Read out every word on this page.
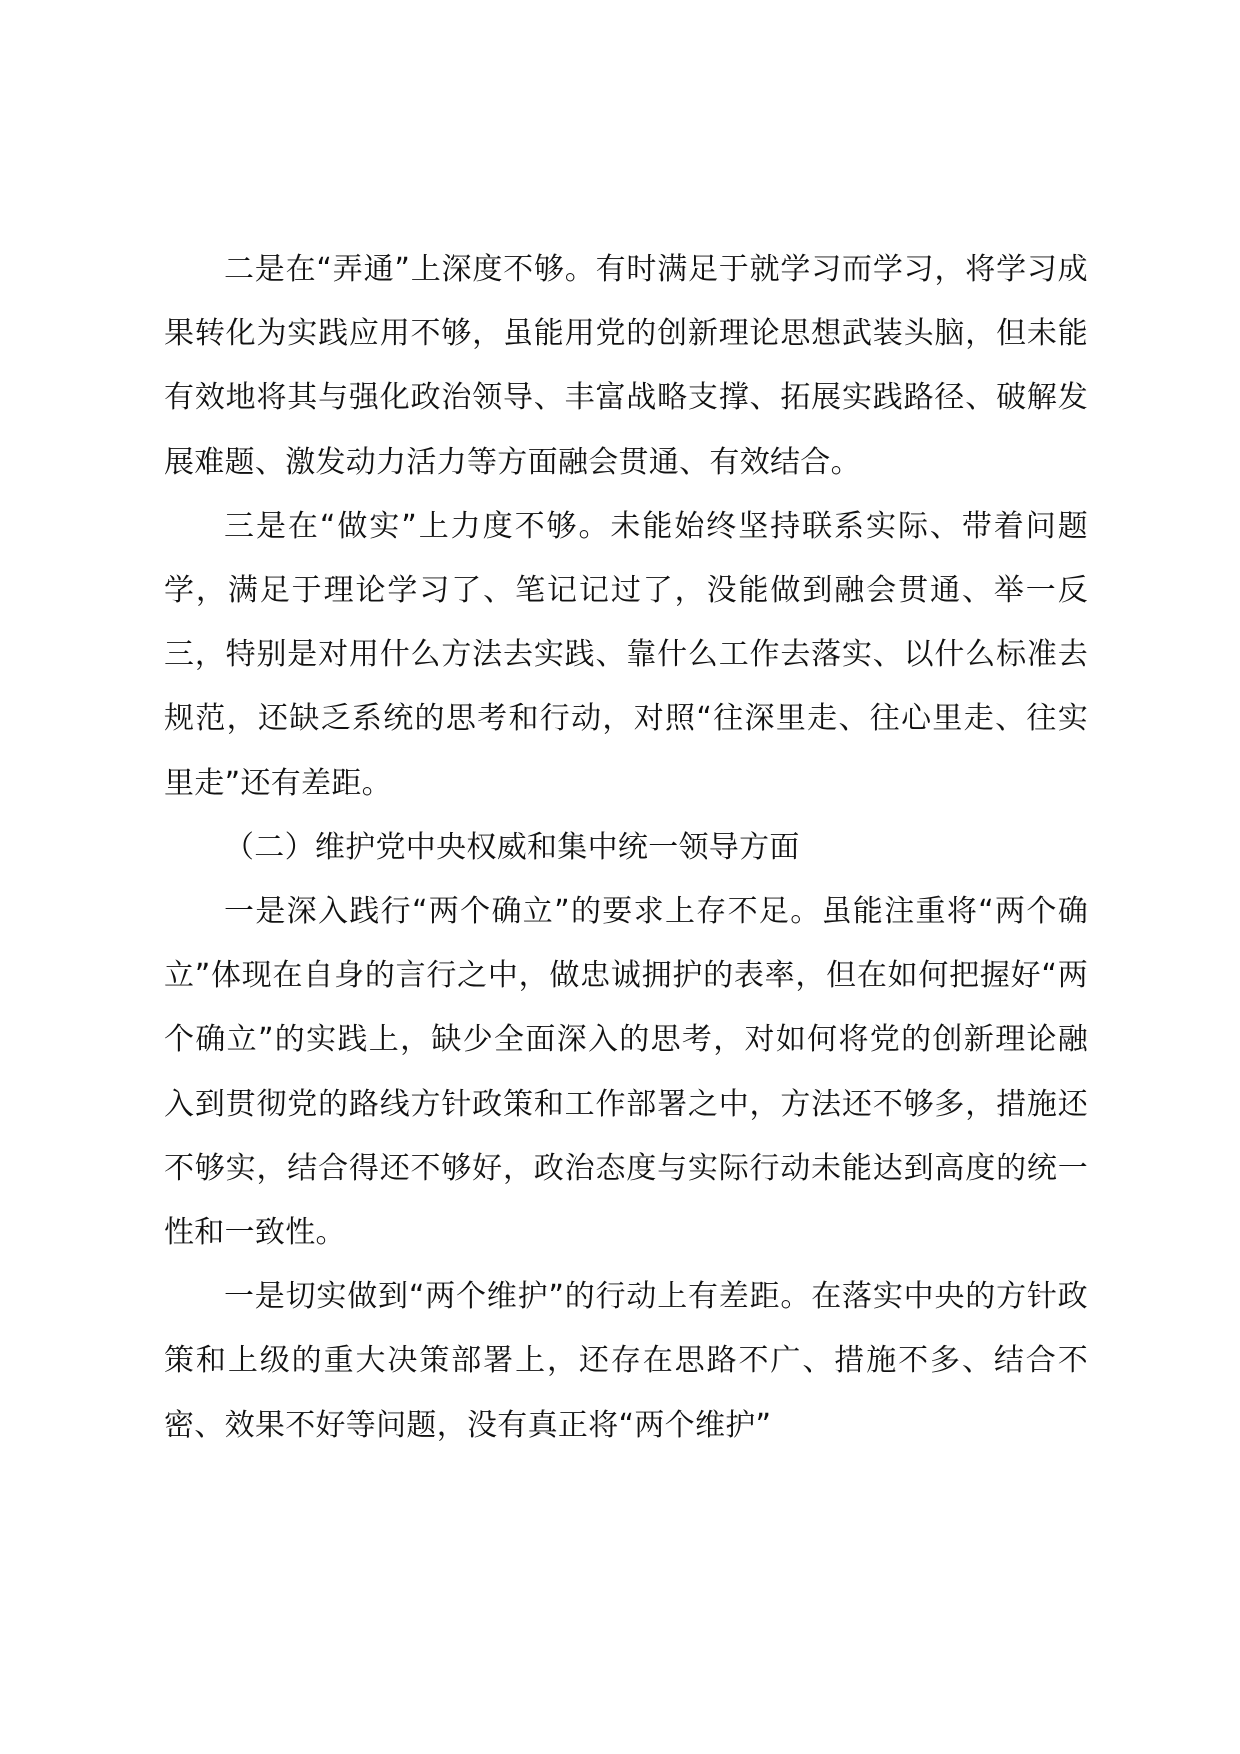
二是在“弄通”上深度不够。有时满足于就学习而学习，将学习成果转化为实践应用不够，虽能用党的创新理论思想武装头脑，但未能有效地将其与强化政治领导、丰富战略支撑、拓展实践路径、破解发展难题、激发动力活力等方面融会贯通、有效结合。

三是在“做实”上力度不够。未能始终坚持联系实际、带着问题学，满足于理论学习了、笔记记过了，没能做到融会贯通、举一反三，特别是对用什么方法去实践、靠什么工作去落实、以什么标准去规范，还缺乏系统的思考和行动，对照“往深里走、往心里走、往实里走”还有差距。

（二）维护党中央权威和集中统一领导方面

一是深入践行“两个确立”的要求上存不足。虽能注重将“两个确立”体现在自身的言行之中，做忠诚拥护的表率，但在如何把握好“两个确立”的实践上，缺少全面深入的思考，对如何将党的创新理论融入到贯彻党的路线方针政策和工作部署之中，方法还不够多，措施还不够实，结合得还不够好，政治态度与实际行动未能达到高度的统一性和一致性。

一是切实做到“两个维护”的行动上有差距。在落实中央的方针政策和上级的重大决策部署上，还存在思路不广、措施不多、结合不密、效果不好等问题，没有真正将“两个维护”
